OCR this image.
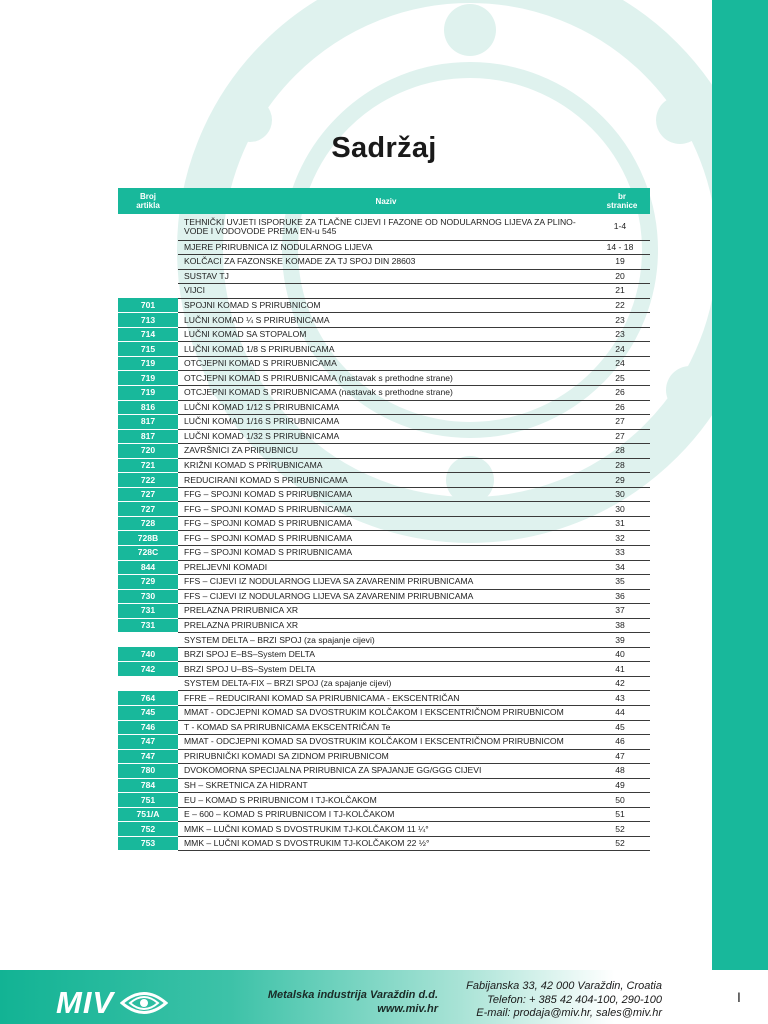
Sadržaj
Broj
artikla	Naziv	br
stranice

	TEHNIČKI UVJETI ISPORUKE ZA TLAČNE CIJEVI I FAZONE OD NODULARNOG LIJEVA ZA PLINO-
VODE I VODOVODE PREMA EN-u 545	1-4

	MJERE PRIRUBNICA IZ NODULARNOG LIJEVA	14 - 18

	KOLČACI ZA FAZONSKE KOMADE ZA TJ SPOJ DIN 28603	19

	SUSTAV TJ	20

	VIJCI	21
701	SPOJNI KOMAD S PRIRUBNICOM	22
713	LUČNI KOMAD ¼ S PRIRUBNICAMA	23
714	LUČNI KOMAD SA STOPALOM	23
715	LUČNI KOMAD 1/8 S PRIRUBNICAMA	24
719	OTCJEPNI KOMAD S PRIRUBNICAMA	24
719	OTCJEPNI KOMAD S PRIRUBNICAMA (nastavak s prethodne strane)	25
719	OTCJEPNI KOMAD S PRIRUBNICAMA (nastavak s prethodne strane)	26
816	LUČNI KOMAD 1/12 S PRIRUBNICAMA	26
817	LUČNI KOMAD 1/16 S PRIRUBNICAMA	27
817	LUČNI KOMAD 1/32 S PRIRUBNICAMA	27
720	ZAVRŠNICI ZA PRIRUBNICU	28
721	KRIŽNI KOMAD S PRIRUBNICAMA	28
722	REDUCIRANI KOMAD S PRIRUBNICAMA	29
727	FFG – SPOJNI KOMAD S PRIRUBNICAMA	30
727	FFG – SPOJNI KOMAD S PRIRUBNICAMA	30
728	FFG – SPOJNI KOMAD S PRIRUBNICAMA	31
728B	FFG – SPOJNI KOMAD S PRIRUBNICAMA	32
728C	FFG – SPOJNI KOMAD S PRIRUBNICAMA	33
844	PRELJEVNI KOMADI	34
729	FFS – CIJEVI IZ NODULARNOG LIJEVA SA ZAVARENIM PRIRUBNICAMA	35
730	FFS – CIJEVI IZ NODULARNOG LIJEVA SA ZAVARENIM PRIRUBNICAMA	36
731	PRELAZNA PRIRUBNICA XR	37
731	PRELAZNA PRIRUBNICA XR	38

	SYSTEM DELTA – BRZI SPOJ (za spajanje cijevi)	39
740	BRZI SPOJ E–BS–System DELTA	40
742	BRZI SPOJ U–BS–System DELTA	41

	SYSTEM DELTA-FIX – BRZI SPOJ (za spajanje cijevi)	42
764	FFRE – REDUCIRANI KOMAD SA PRIRUBNICAMA - EKSCENTRIČAN	43
745	MMAT - ODCJEPNI KOMAD SA DVOSTRUKIM KOLČAKOM I EKSCENTRIČNOM PRIRUBNICOM	44
746	T - KOMAD SA PRIRUBNICAMA EKSCENTRIČAN Te	45
747	MMAT - ODCJEPNI KOMAD SA DVOSTRUKIM KOLČAKOM I EKSCENTRIČNOM PRIRUBNICOM	46
747	PRIRUBNIČKI KOMADI SA ZIDNOM PRIRUBNICOM	47
780	DVOKOMORNA SPECIJALNA PRIRUBNICA ZA SPAJANJE GG/GGG CIJEVI	48
784	SH – SKRETNICA ZA HIDRANT	49
751	EU – KOMAD S PRIRUBNICOM I TJ-KOLČAKOM	50
751/A	E – 600 – KOMAD S PRIRUBNICOM I TJ-KOLČAKOM	51
752	MMK – LUČNI KOMAD S DVOSTRUKIM TJ-KOLČAKOM 11 ¼°	52
753	MMK – LUČNI KOMAD S DVOSTRUKIM TJ-KOLČAKOM 22 ½°	52
MIV	Metalska industrija Varaždin d.d.
www.miv.hr
Fabijanska 33, 42 000 Varaždin, Croatia
Telefon: + 385 42 404-100, 290-100
E-mail: prodaja@miv.hr, sales@miv.hr
I
